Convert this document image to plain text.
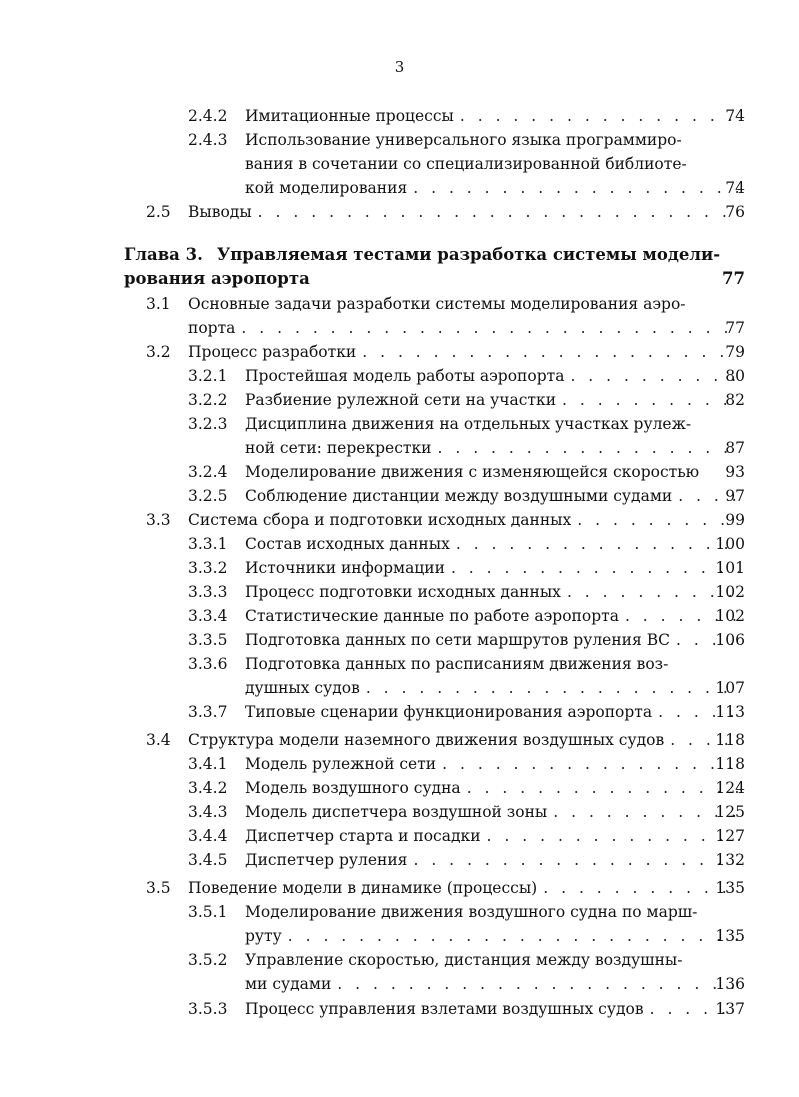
3
2.4.2 Имитационные процессы . . .	74
2.4.3 Использование универсального языка программиро-
вания в сочетании со специализированной библиоте-
кой моделирования . . .	74
2.5 Выводы . . .	76
Глава 3. Управляемая тестами разработка системы модели-
рования аэропорта	77
3.1 Основные задачи разработки системы моделирования аэро-
порта . . .	77
3.2 Процесс разработки . . .	79
3.2.1 Простейшая модель работы аэропорта . . .	80
3.2.2 Разбиение рулежной сети на участки . . .	82
3.2.3 Дисциплина движения на отдельных участках рулеж-
ной сети: перекрестки . . .	87
3.2.4 Моделирование движения с изменяющейся скоростью	93
3.2.5 Соблюдение дистанции между воздушными судами . . .	97
3.3 Система сбора и подготовки исходных данных . . .	99
3.3.1 Состав исходных данных . . .	100
3.3.2 Источники информации . . .	101
3.3.3 Процесс подготовки исходных данных . . .	102
3.3.4 Статистические данные по работе аэропорта . . .	102
3.3.5 Подготовка данных по сети маршрутов руления ВС . . .	106
3.3.6 Подготовка данных по расписаниям движения воз-
душных судов . . .	107
3.3.7 Типовые сценарии функционирования аэропорта . . .	113
3.4 Структура модели наземного движения воздушных судов . . .	118
3.4.1 Модель рулежной сети . . .	118
3.4.2 Модель воздушного судна . . .	124
3.4.3 Модель диспетчера воздушной зоны . . .	125
3.4.4 Диспетчер старта и посадки . . .	127
3.4.5 Диспетчер руления . . .	132
3.5 Поведение модели в динамике (процессы) . . .	135
3.5.1 Моделирование движения воздушного судна по марш-
руту . . .	135
3.5.2 Управление скоростью, дистанция между воздушны-
ми судами . . .	136
3.5.3 Процесс управления взлетами воздушных судов . . .	137
